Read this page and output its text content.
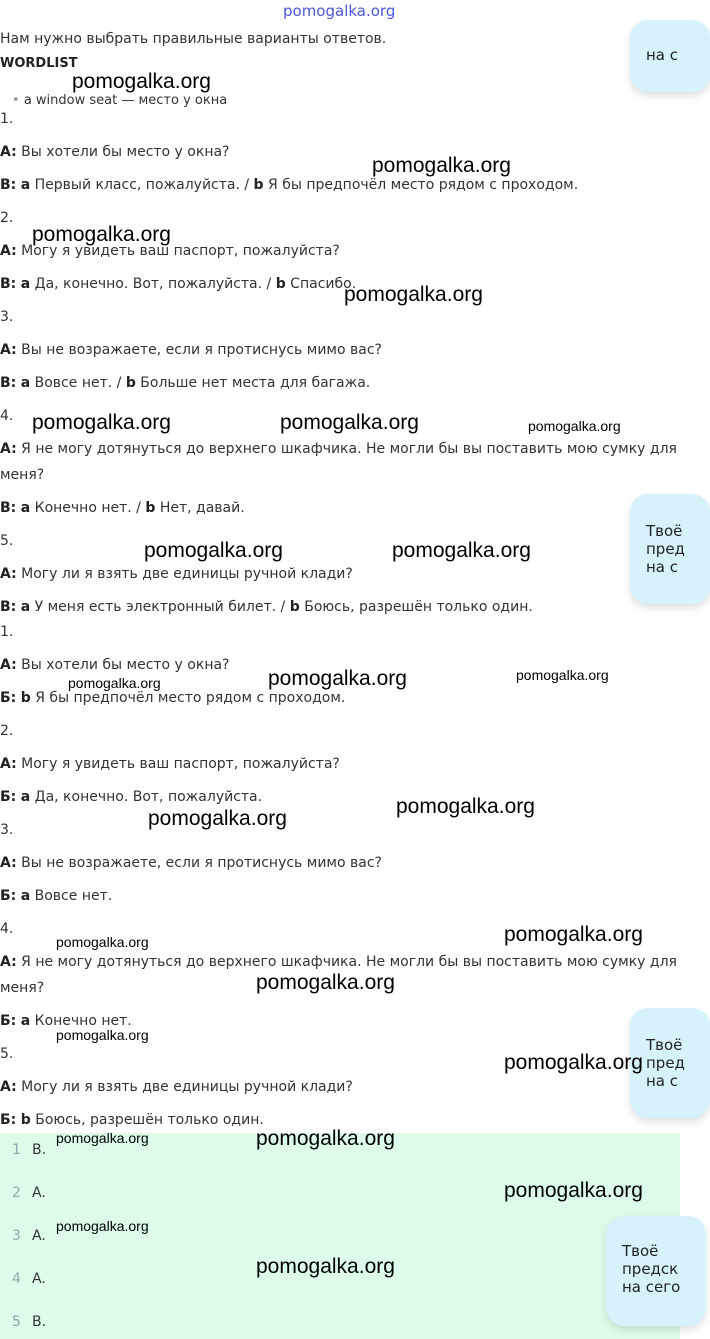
pomogalka.org
Нам нужно выбрать правильные варианты ответов.
WORDLIST
• a window seat — место у окна
1.
A: Вы хотели бы место у окна?
B: a Первый класс, пожалуйста. / b Я бы предпочёл место рядом с проходом.
2.
A: Могу я увидеть ваш паспорт, пожалуйста?
B: a Да, конечно. Вот, пожалуйста. / b Спасибо.
3.
A: Вы не возражаете, если я протиснусь мимо вас?
B: a Вовсе нет. / b Больше нет места для багажа.
4.
A: Я не могу дотянуться до верхнего шкафчика. Не могли бы вы поставить мою сумку для
меня?
B: a Конечно нет. / b Нет, давай.
5.
A: Могу ли я взять две единицы ручной клади?
B: a У меня есть электронный билет. / b Боюсь, разрешён только один.
1.
A: Вы хотели бы место у окна?
Б: b Я бы предпочёл место рядом с проходом.
2.
A: Могу я увидеть ваш паспорт, пожалуйста?
Б: a Да, конечно. Вот, пожалуйста.
3.
A: Вы не возражаете, если я протиснусь мимо вас?
Б: a Вовсе нет.
4.
A: Я не могу дотянуться до верхнего шкафчика. Не могли бы вы поставить мою сумку для
меня?
Б: a Конечно нет.
5.
A: Могу ли я взять две единицы ручной клади?
Б: b Боюсь, разрешён только один.
1 B.
2 A.
3 A.
4 A.
5 B.
на с
Твоё
пред
на с
Твоё
пред
на с
Твоё
предск
на сего
pomogalka.org
pomogalka.org
pomogalka.org
pomogalka.org
pomogalka.org	pomogalka.org	pomogalka.org
pomogalka.org	pomogalka.org
pomogalka.org	pomogalka.org	pomogalka.org
pomogalka.org
pomogalka.org
pomogalka.org	pomogalka.org
pomogalka.org
pomogalka.org
pomogalka.org
pomogalka.org	pomogalka.org
pomogalka.org
pomogalka.org
pomogalka.org
